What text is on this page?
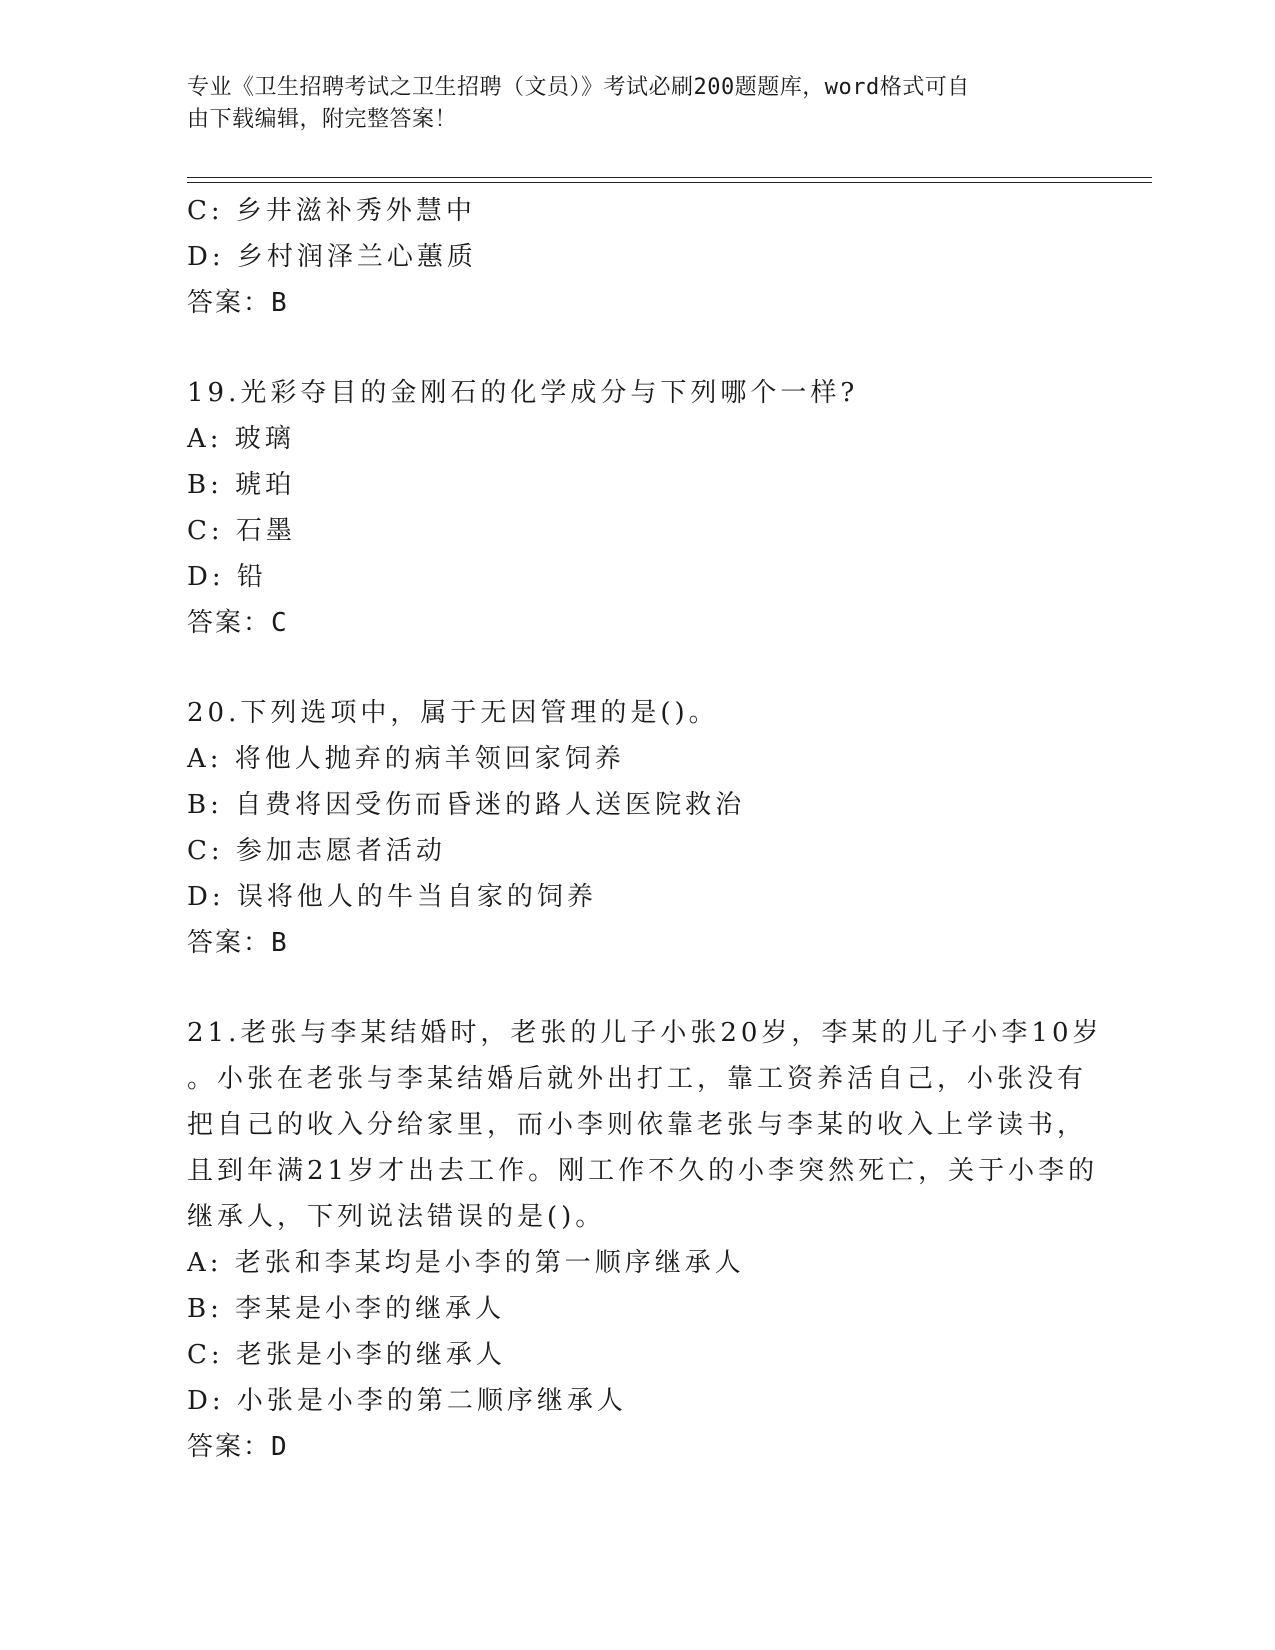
专业《卫生招聘考试之卫生招聘（文员）》考试必刷200题题库，word格式可自
由下载编辑，附完整答案！
C: 乡井滋补秀外慧中
D: 乡村润泽兰心蕙质
答案：B
19.光彩夺目的金刚石的化学成分与下列哪个一样?
A: 玻璃
B: 琥珀
C: 石墨
D: 铅
答案：C
20.下列选项中，属于无因管理的是()。
A: 将他人抛弃的病羊领回家饲养
B: 自费将因受伤而昏迷的路人送医院救治
C: 参加志愿者活动
D: 误将他人的牛当自家的饲养
答案：B
21.老张与李某结婚时，老张的儿子小张20岁，李某的儿子小李10岁
。小张在老张与李某结婚后就外出打工，靠工资养活自己，小张没有
把自己的收入分给家里，而小李则依靠老张与李某的收入上学读书，
且到年满21岁才出去工作。刚工作不久的小李突然死亡，关于小李的
继承人，下列说法错误的是()。
A: 老张和李某均是小李的第一顺序继承人
B: 李某是小李的继承人
C: 老张是小李的继承人
D: 小张是小李的第二顺序继承人
答案：D
